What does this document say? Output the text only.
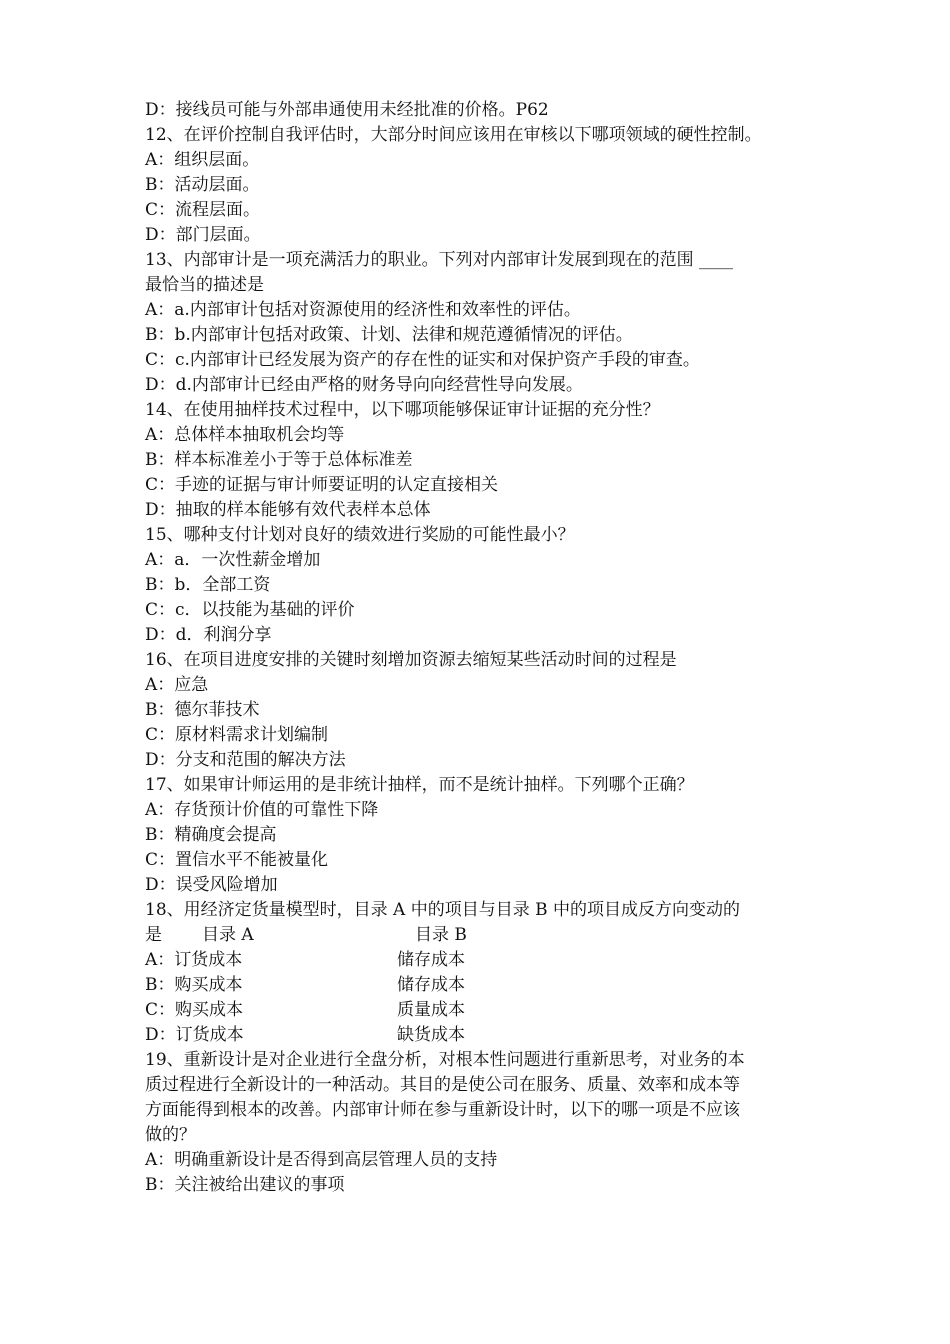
D：接线员可能与外部串通使用未经批准的价格。P62
12、在评价控制自我评估时，大部分时间应该用在审核以下哪项领域的硬性控制。
A：组织层面。
B：活动层面。
C：流程层面。
D：部门层面。
13、内部审计是一项充满活力的职业。下列对内部审计发展到现在的范围 ____
最恰当的描述是
A：a.内部审计包括对资源使用的经济性和效率性的评估。
B：b.内部审计包括对政策、计划、法律和规范遵循情况的评估。
C：c.内部审计已经发展为资产的存在性的证实和对保护资产手段的审查。
D：d.内部审计已经由严格的财务导向向经营性导向发展。
14、在使用抽样技术过程中，以下哪项能够保证审计证据的充分性？
A：总体样本抽取机会均等
B：样本标准差小于等于总体标准差
C：手迹的证据与审计师要证明的认定直接相关
D：抽取的样本能够有效代表样本总体
15、哪种支付计划对良好的绩效进行奖励的可能性最小？
A：a．一次性薪金增加
B：b．全部工资
C：c．以技能为基础的评价
D：d．利润分享
16、在项目进度安排的关键时刻增加资源去缩短某些活动时间的过程是
A：应急
B：德尔菲技术
C：原材料需求计划编制
D：分支和范围的解决方法
17、如果审计师运用的是非统计抽样，而不是统计抽样。下列哪个正确？
A：存货预计价值的可靠性下降
B：精确度会提高
C：置信水平不能被量化
D：误受风险增加
18、用经济定货量模型时，目录 A 中的项目与目录 B 中的项目成反方向变动的
是 目录 A	目录 B
A：订货成本	储存成本
B：购买成本	储存成本
C：购买成本	质量成本
D：订货成本	缺货成本
19、重新设计是对企业进行全盘分析，对根本性问题进行重新思考，对业务的本
质过程进行全新设计的一种活动。其目的是使公司在服务、质量、效率和成本等
方面能得到根本的改善。内部审计师在参与重新设计时，以下的哪一项是不应该
做的？
A：明确重新设计是否得到高层管理人员的支持
B：关注被给出建议的事项
